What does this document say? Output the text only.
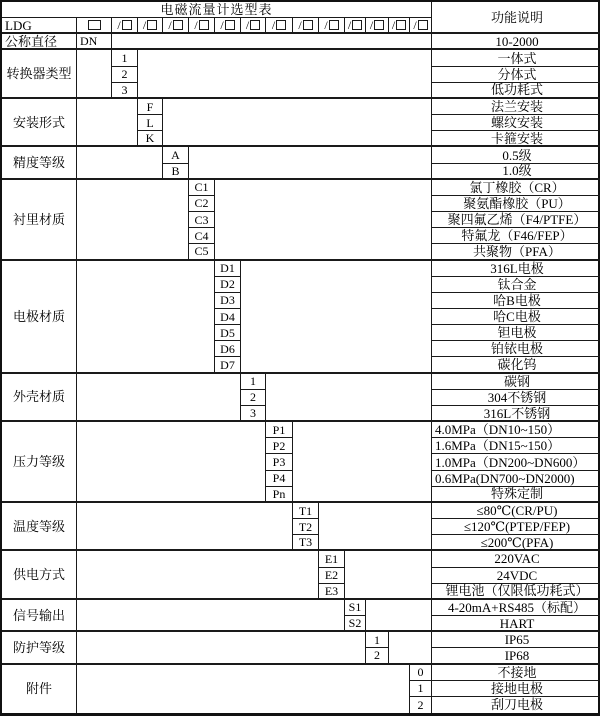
电磁流量计选型表
功能说明
LDG
公称直径	DN	10-2000
/	/	/	/	/	/	/	/	/	/	/	/	/
转换器类型
1	一体式
2	分体式
3	低功耗式
安装形式
F	法兰安装
L	螺纹安装
K	卡箍安装
精度等级
A	0.5级
B	1.0级
衬里材质
C1	氯丁橡胶（CR）
C2	聚氨酯橡胶（PU）
C3	聚四氟乙烯（F4/PTFE）
C4	特氟龙（F46/FEP）
C5	共聚物（PFA）
电极材质
D1	316L电极
D2	钛合金
D3	哈B电极
D4	哈C电极
D5	钽电极
D6	铂铱电极
D7	碳化钨
外壳材质
1	碳钢
2	304不锈钢
3	316L不锈钢
压力等级
P1	4.0MPa（DN10~150）
P2	1.6MPa（DN15~150）
P3	1.0MPa（DN200~DN600）
P4	0.6MPa(DN700~DN2000)
Pn	特殊定制
温度等级
T1	≤80℃(CR/PU)
T2	≤120℃(PTEP/FEP)
T3	≤200℃(PFA)
供电方式
E1	220VAC
E2	24VDC
E3	锂电池（仅限低功耗式）
信号输出
S1	4-20mA+RS485（标配）
S2	HART
防护等级
1	IP65
2	IP68
附件
0	不接地
1	接地电极
2	刮刀电极
